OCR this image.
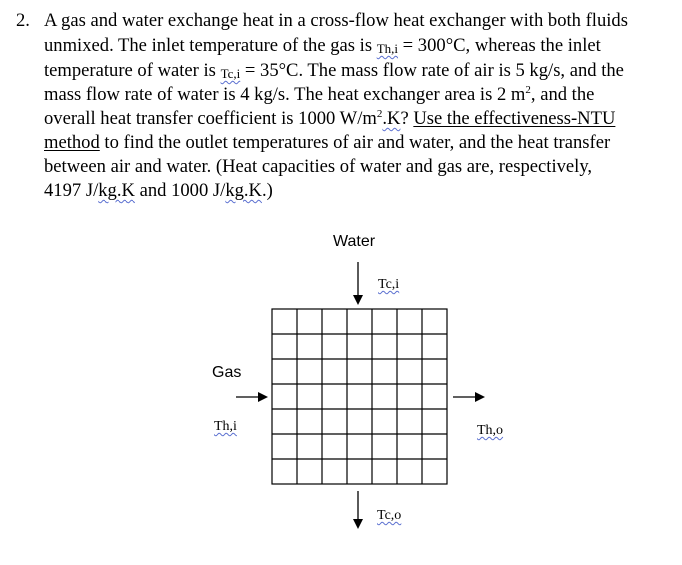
2. A gas and water exchange heat in a cross-flow heat exchanger with both fluids
unmixed. The inlet temperature of the gas is Th,i = 300°C, whereas the inlet
temperature of water is Tc,i = 35°C. The mass flow rate of air is 5 kg/s, and the
mass flow rate of water is 4 kg/s. The heat exchanger area is 2 $m^2$, and the
overall heat transfer coefficient is 1000 $W/m^2.K$? Use the effectiveness-NTU
method to find the outlet temperatures of air and water, and the heat transfer
between air and water. (Heat capacities of water and gas are, respectively,
4197 J/kg.K and 1000 J/kg.K.)
Water
Tc,i
Gas
Th,i	Th,o
Tc,o
